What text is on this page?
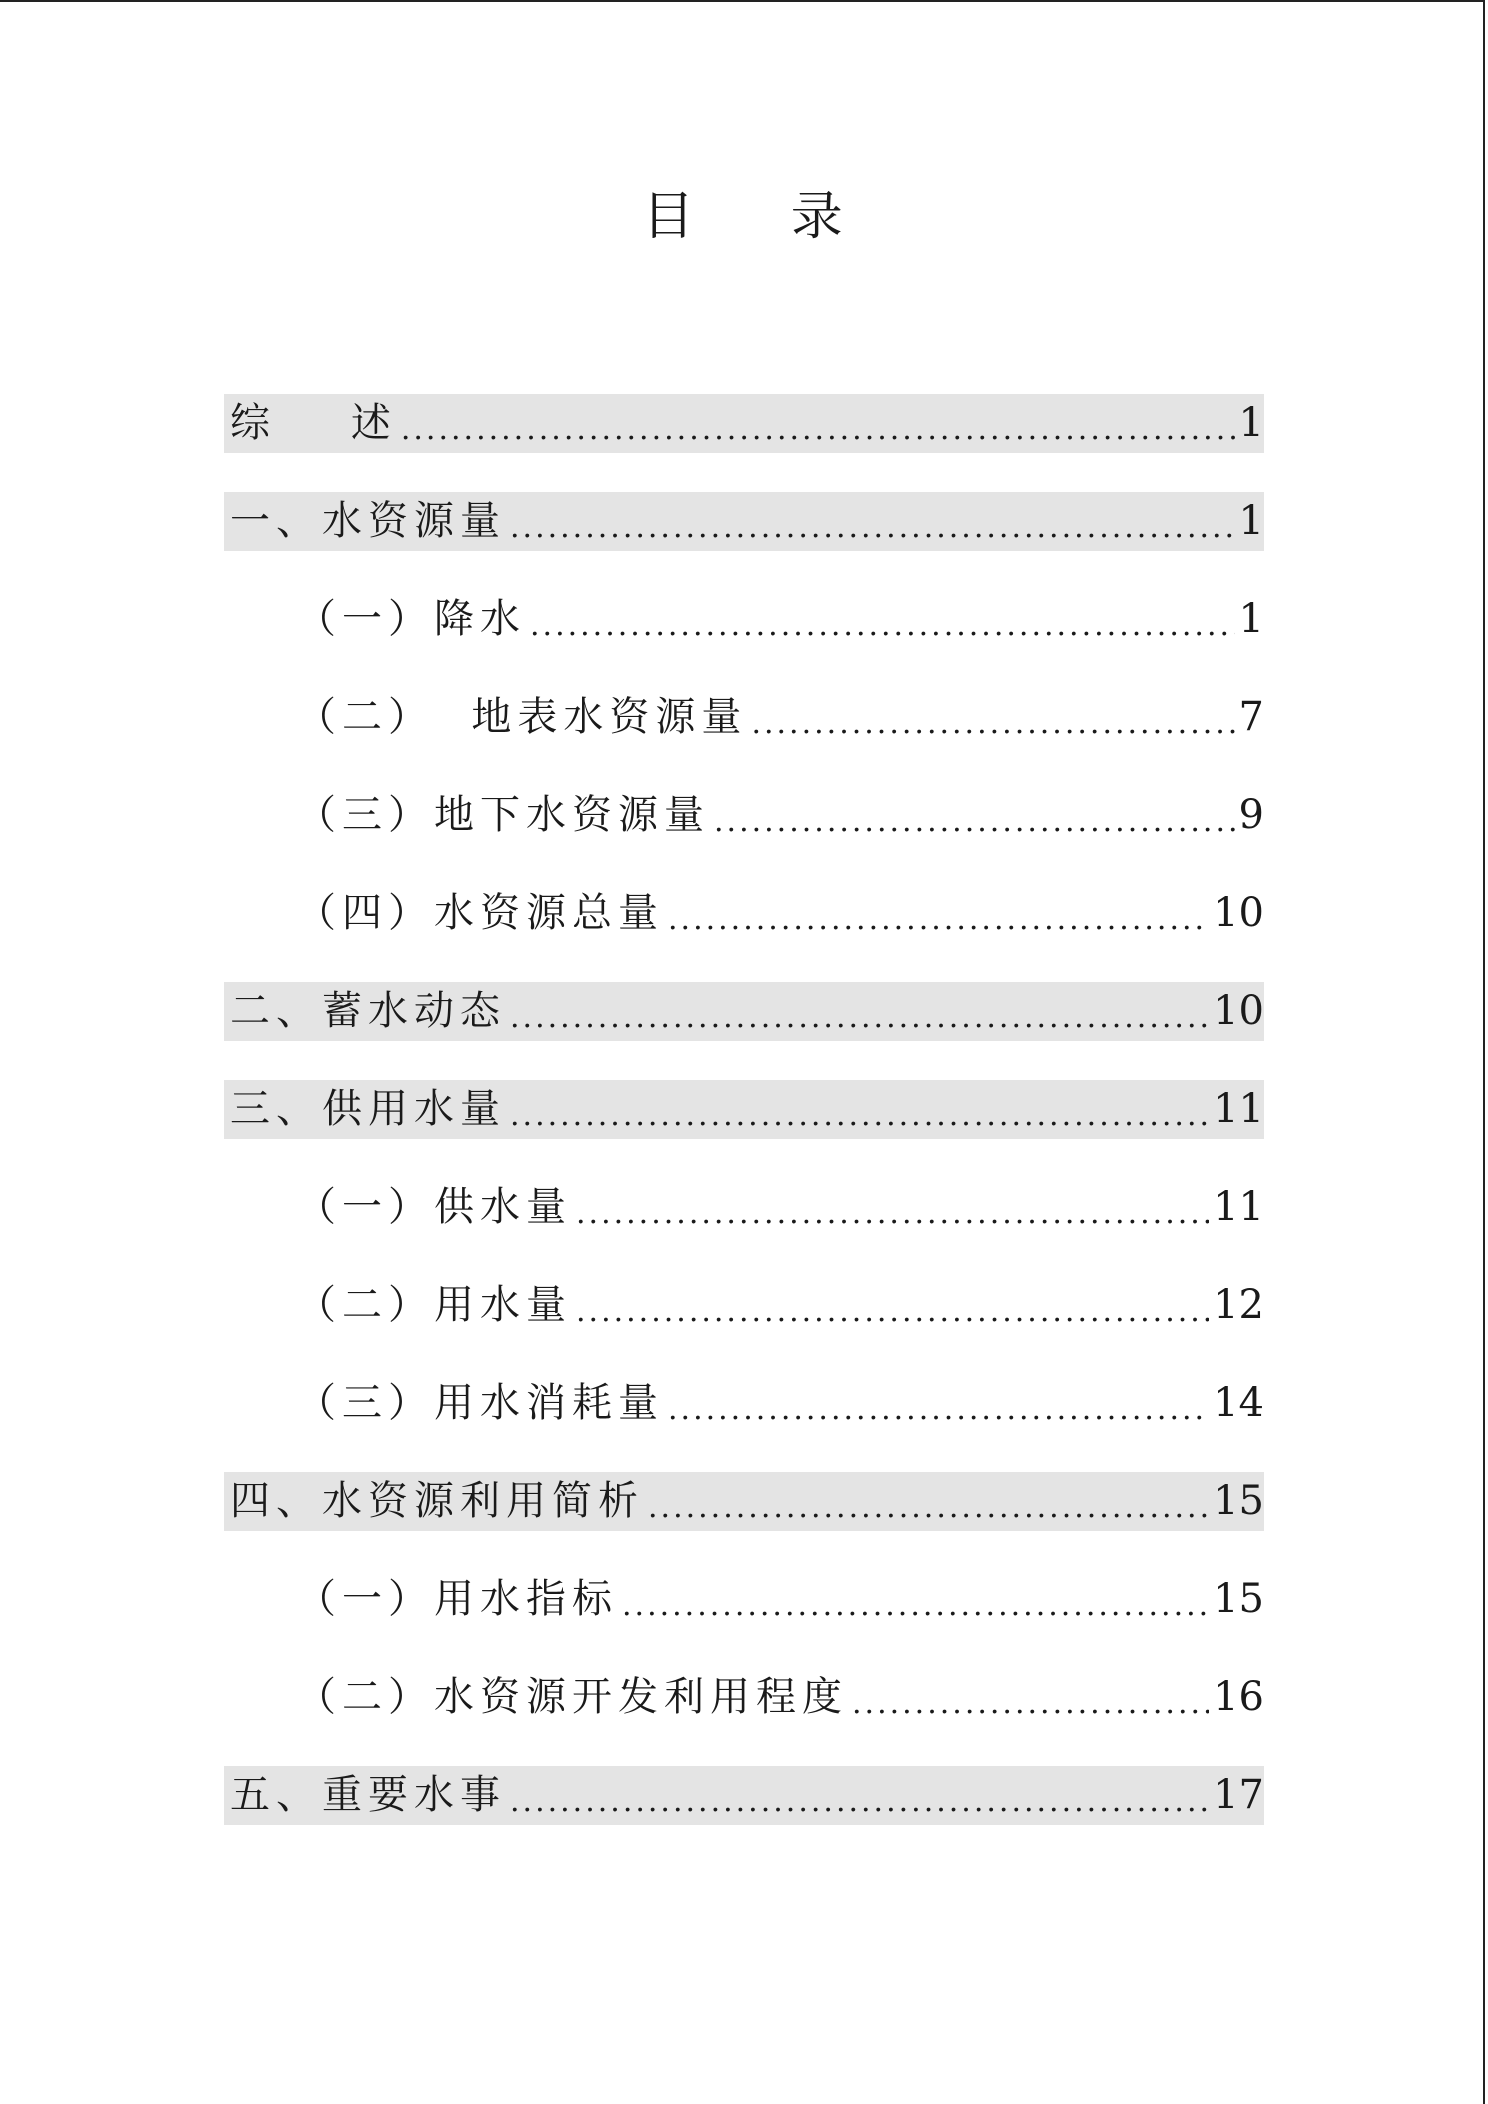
目 录
综    述 .....	1
一、水资源量 .....	1
（一）降水 .....	1
（二）  地表水资源量 .....	7
（三）地下水资源量 .....	9
（四）水资源总量 .....	10
二、蓄水动态 .....	10
三、供用水量 .....	11
（一）供水量 .....	11
（二）用水量 .....	12
（三）用水消耗量 .....	14
四、水资源利用简析 .....	15
（一）用水指标 .....	15
（二）水资源开发利用程度 .....	16
五、重要水事 .....	17
